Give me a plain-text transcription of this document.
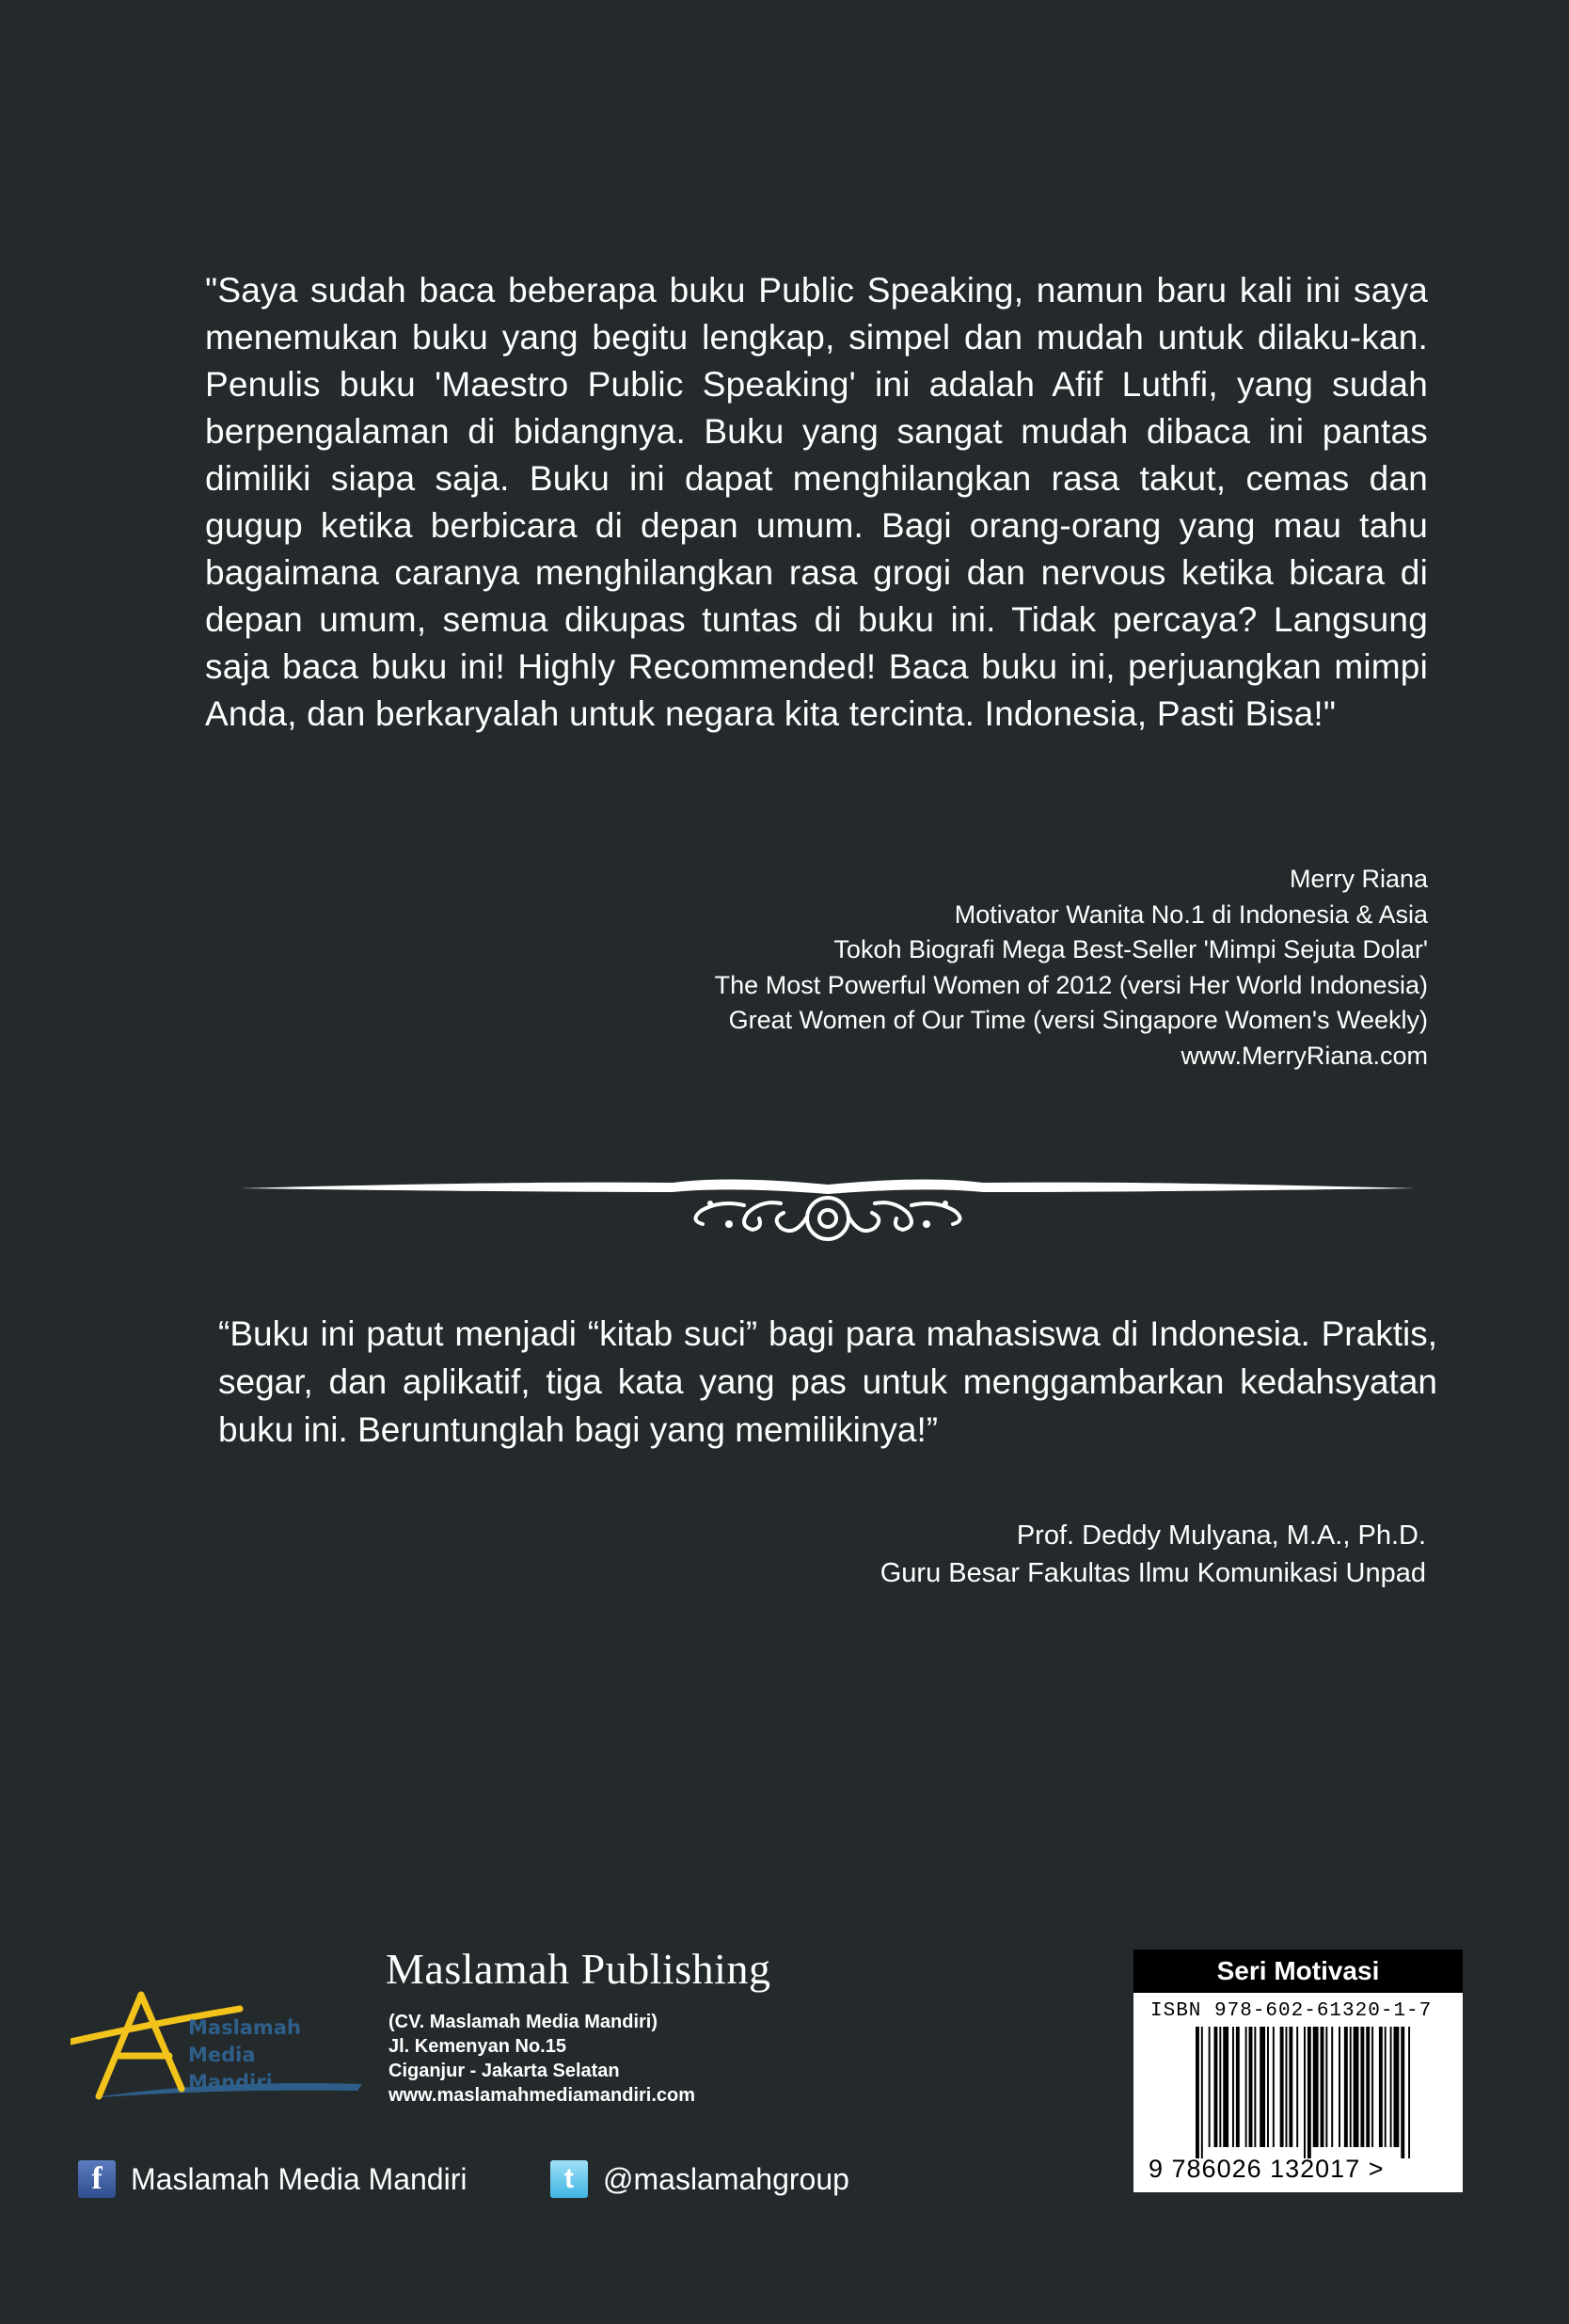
"Saya sudah baca beberapa buku Public Speaking, namun baru kali ini saya menemukan buku yang begitu lengkap, simpel dan mudah untuk dilaku-kan. Penulis buku 'Maestro Public Speaking' ini adalah Afif Luthfi, yang sudah berpengalaman di bidangnya. Buku yang sangat mudah dibaca ini pantas dimiliki siapa saja. Buku ini dapat menghilangkan rasa takut, cemas dan gugup ketika berbicara di depan umum. Bagi orang-orang yang mau tahu bagaimana caranya menghilangkan rasa grogi dan nervous ketika bicara di depan umum, semua dikupas tuntas di buku ini. Tidak percaya? Langsung saja baca buku ini! Highly Recommended! Baca buku ini, perjuangkan mimpi Anda, dan berkaryalah untuk negara kita tercinta. Indonesia, Pasti Bisa!"

Merry Riana
Motivator Wanita No.1 di Indonesia & Asia
Tokoh Biografi Mega Best-Seller 'Mimpi Sejuta Dolar'
The Most Powerful Women of 2012 (versi Her World Indonesia)
Great Women of Our Time (versi Singapore Women's Weekly)
www.MerryRiana.com

“Buku ini patut menjadi “kitab suci” bagi para mahasiswa di Indonesia. Praktis, segar, dan aplikatif, tiga kata yang pas untuk menggambarkan kedahsyatan buku ini. Beruntunglah bagi yang memilikinya!”

Prof. Deddy Mulyana, M.A., Ph.D.
Guru Besar Fakultas Ilmu Komunikasi Unpad
Maslamah
Media
Mandiri
Maslamah Publishing
(CV. Maslamah Media Mandiri)
Jl. Kemenyan No.15
Ciganjur - Jakarta Selatan
www.maslamahmediamandiri.com
f Maslamah Media Mandiri	t @maslamahgroup
Seri Motivasi
ISBN 978-602-61320-1-7
9 786026 132017 >
